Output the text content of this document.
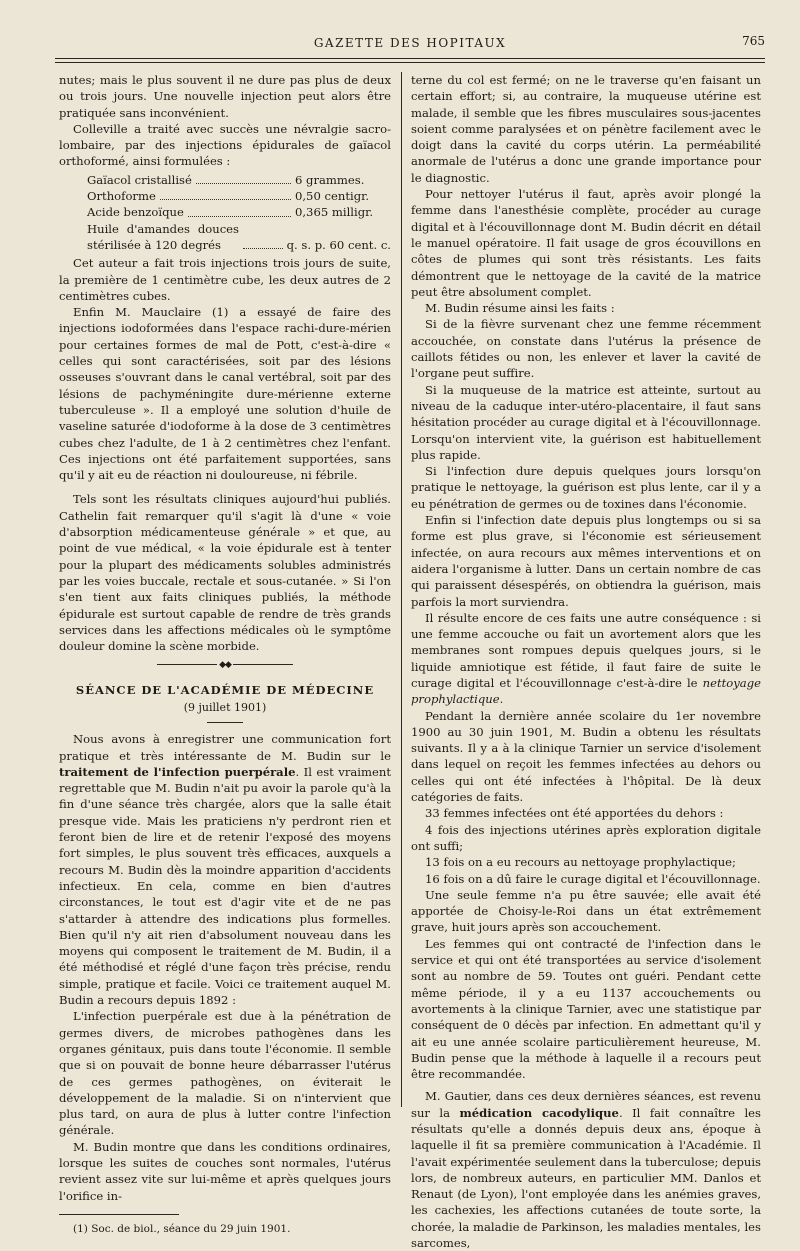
GAZETTE DES HOPITAUX	765

nutes; mais le plus souvent il ne dure pas plus de deux ou trois jours. Une nouvelle injection peut alors être pratiquée sans inconvénient.

Colleville a traité avec succès une névralgie sacro-lombaire, par des injections épidurales de gaïacol orthoformé, ainsi formulées :

Gaïacol cristallisé	6 grammes.
Orthoforme	0,50 centigr.
Acide benzoïque	0,365 milligr.
Huile d'amandes douces stérilisée à 120 degrés	q. s. p. 60 cent. c.

Cet auteur a fait trois injections trois jours de suite, la première de 1 centimètre cube, les deux autres de 2 centimètres cubes.

Enfin M. Mauclaire (1) a essayé de faire des injections iodoformées dans l'espace rachi-dure-mérien pour certaines formes de mal de Pott, c'est-à-dire « celles qui sont caractérisées, soit par des lésions osseuses s'ouvrant dans le canal vertébral, soit par des lésions de pachyméningite dure-mérienne externe tuberculeuse ». Il a employé une solution d'huile de vaseline saturée d'iodoforme à la dose de 3 centimètres cubes chez l'adulte, de 1 à 2 centimètres chez l'enfant. Ces injections ont été parfaitement supportées, sans qu'il y ait eu de réaction ni douloureuse, ni fébrile.

Tels sont les résultats cliniques aujourd'hui publiés. Cathelin fait remarquer qu'il s'agit là d'une « voie d'absorption médicamenteuse générale » et que, au point de vue médical, « la voie épidurale est à tenter pour la plupart des médicaments solubles administrés par les voies buccale, rectale et sous-cutanée. » Si l'on s'en tient aux faits cliniques publiés, la méthode épidurale est surtout capable de rendre de très grands services dans les affections médicales où le symptôme douleur domine la scène morbide.

◆◆
SÉANCE DE L'ACADÉMIE DE MÉDECINE
(9 juillet 1901)

Nous avons à enregistrer une communication fort pratique et très intéressante de M. Budin sur le traitement de l'infection puerpérale. Il est vraiment regrettable que M. Budin n'ait pu avoir la parole qu'à la fin d'une séance très chargée, alors que la salle était presque vide. Mais les praticiens n'y perdront rien et feront bien de lire et de retenir l'exposé des moyens fort simples, le plus souvent très efficaces, auxquels a recours M. Budin dès la moindre apparition d'accidents infectieux. En cela, comme en bien d'autres circonstances, le tout est d'agir vite et de ne pas s'attarder à attendre des indications plus formelles. Bien qu'il n'y ait rien d'absolument nouveau dans les moyens qui composent le traitement de M. Budin, il a été méthodisé et réglé d'une façon très précise, rendu simple, pratique et facile. Voici ce traitement auquel M. Budin a recours depuis 1892 :

L'infection puerpérale est due à la pénétration de germes divers, de microbes pathogènes dans les organes génitaux, puis dans toute l'économie. Il semble que si on pouvait de bonne heure débarrasser l'utérus de ces germes pathogènes, on éviterait le développement de la maladie. Si on n'intervient que plus tard, on aura de plus à lutter contre l'infection générale.

M. Budin montre que dans les conditions ordinaires, lorsque les suites de couches sont normales, l'utérus revient assez vite sur lui-même et après quelques jours l'orifice in-

(1) Soc. de biol., séance du 29 juin 1901.

terne du col est fermé; on ne le traverse qu'en faisant un certain effort; si, au contraire, la muqueuse utérine est malade, il semble que les fibres musculaires sous-jacentes soient comme paralysées et on pénètre facilement avec le doigt dans la cavité du corps utérin. La perméabilité anormale de l'utérus a donc une grande importance pour le diagnostic.

Pour nettoyer l'utérus il faut, après avoir plongé la femme dans l'anesthésie complète, procéder au curage digital et à l'écouvillonnage dont M. Budin décrit en détail le manuel opératoire. Il fait usage de gros écouvillons en côtes de plumes qui sont très résistants. Les faits démontrent que le nettoyage de la cavité de la matrice peut être absolument complet.

M. Budin résume ainsi les faits :

Si de la fièvre survenant chez une femme récemment accouchée, on constate dans l'utérus la présence de caillots fétides ou non, les enlever et laver la cavité de l'organe peut suffire.

Si la muqueuse de la matrice est atteinte, surtout au niveau de la caduque inter-utéro-placentaire, il faut sans hésitation procéder au curage digital et à l'écouvillonnage. Lorsqu'on intervient vite, la guérison est habituellement plus rapide.

Si l'infection dure depuis quelques jours lorsqu'on pratique le nettoyage, la guérison est plus lente, car il y a eu pénétration de germes ou de toxines dans l'économie.

Enfin si l'infection date depuis plus longtemps ou si sa forme est plus grave, si l'économie est sérieusement infectée, on aura recours aux mêmes interventions et on aidera l'organisme à lutter. Dans un certain nombre de cas qui paraissent désespérés, on obtiendra la guérison, mais parfois la mort surviendra.

Il résulte encore de ces faits une autre conséquence : si une femme accouche ou fait un avortement alors que les membranes sont rompues depuis quelques jours, si le liquide amniotique est fétide, il faut faire de suite le curage digital et l'écouvillonnage c'est-à-dire le nettoyage prophylactique.

Pendant la dernière année scolaire du 1er novembre 1900 au 30 juin 1901, M. Budin a obtenu les résultats suivants. Il y a à la clinique Tarnier un service d'isolement dans lequel on reçoit les femmes infectées au dehors ou celles qui ont été infectées à l'hôpital. De là deux catégories de faits.

33 femmes infectées ont été apportées du dehors :

4 fois des injections utérines après exploration digitale ont suffi;

13 fois on a eu recours au nettoyage prophylactique;

16 fois on a dû faire le curage digital et l'écouvillonnage.

Une seule femme n'a pu être sauvée; elle avait été apportée de Choisy-le-Roi dans un état extrêmement grave, huit jours après son accouchement.

Les femmes qui ont contracté de l'infection dans le service et qui ont été transportées au service d'isolement sont au nombre de 59. Toutes ont guéri. Pendant cette même période, il y a eu 1137 accouchements ou avortements à la clinique Tarnier, avec une statistique par conséquent de 0 décès par infection. En admettant qu'il y ait eu une année scolaire particulièrement heureuse, M. Budin pense que la méthode à laquelle il a recours peut être recommandée.

M. Gautier, dans ces deux dernières séances, est revenu sur la médication cacodylique. Il fait connaître les résultats qu'elle a donnés depuis deux ans, époque à laquelle il fit sa première communication à l'Académie. Il l'avait expérimentée seulement dans la tuberculose; depuis lors, de nombreux auteurs, en particulier MM. Danlos et Renaut (de Lyon), l'ont employée dans les anémies graves, les cachexies, les affections cutanées de toute sorte, la chorée, la maladie de Parkinson, les maladies mentales, les sarcomes,
